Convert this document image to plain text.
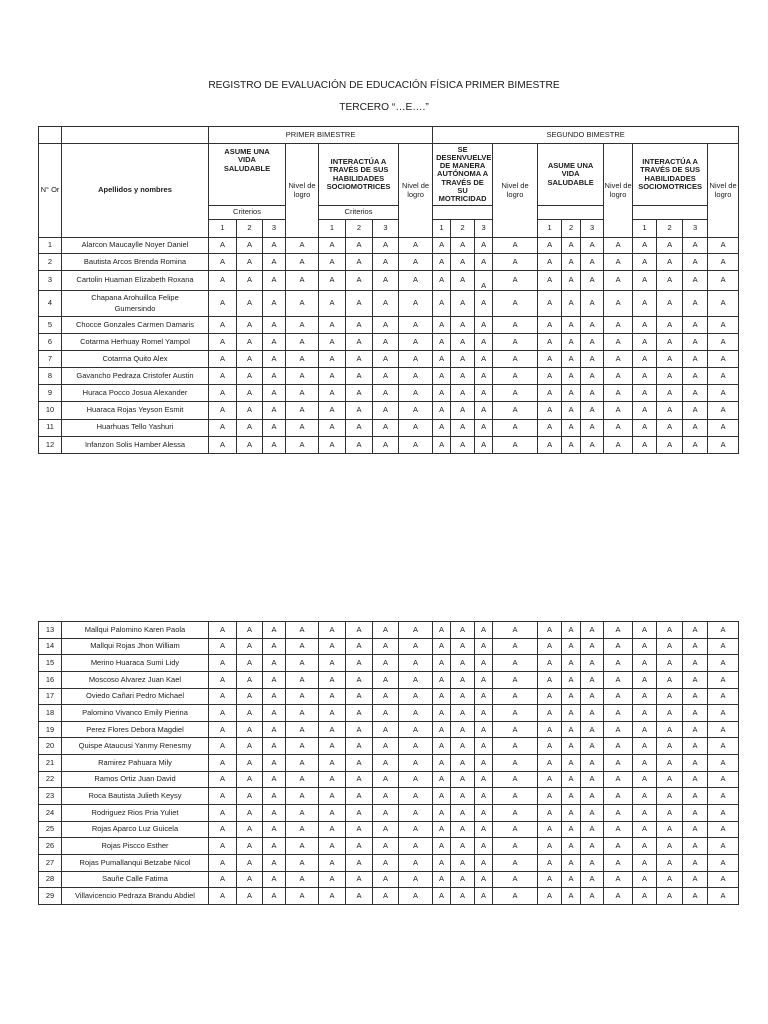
REGISTRO DE EVALUACIÓN DE EDUCACIÓN FÍSICA PRIMER BIMESTRE
TERCERO “…E….”
		PRIMER BIMESTRE								SEGUNDO BIMESTRE											
N° Or	Apellidos y nombres	ASUME UNA VIDA SALUDABLE			Nivel de logro	INTERACTÚA A TRAVÉS DE SUS HABILIDADES SOCIOMOTRICES			Nivel de logro	SE DESENVUELVE DE MANERA AUTÓNOMA A TRAVÉS DE SU MOTRICIDAD			Nivel de logro	ASUME UNA VIDA SALUDABLE			Nivel de logro	INTERACTÚA A TRAVÉS DE SUS HABILIDADES SOCIOMOTRICES			Nivel de logro
		Criterios				Criterios															
		1	2	3		1	2	3		1	2	3		1	2	3		1	2	3	
1	Alarcon Maucaylle Noyer Daniel	A	A	A	A	A	A	A	A	A	A	A	A	A	A	A	A	A	A	A	A
2	Bautista Arcos Brenda Romina	A	A	A	A	A	A	A	A	A	A	A	A	A	A	A	A	A	A	A	A
3	Cartolin Huaman Elizabeth Roxana	A	A	A	A	A	A	A	A	A	A	A	A	A	A	A	A	A	A	A	A
4	Chapana Arohuillca Felipe Gumersindo	A	A	A	A	A	A	A	A	A	A	A	A	A	A	A	A	A	A	A	A
5	Chocce Gonzales Carmen Damaris	A	A	A	A	A	A	A	A	A	A	A	A	A	A	A	A	A	A	A	A
6	Cotarma Herhuay Romel Yampol	A	A	A	A	A	A	A	A	A	A	A	A	A	A	A	A	A	A	A	A
7	Cotarma Quito Alex	A	A	A	A	A	A	A	A	A	A	A	A	A	A	A	A	A	A	A	A
8	Gavancho Pedraza Cristofer Austin	A	A	A	A	A	A	A	A	A	A	A	A	A	A	A	A	A	A	A	A
9	Huraca Pocco Josua Alexander	A	A	A	A	A	A	A	A	A	A	A	A	A	A	A	A	A	A	A	A
10	Huaraca Rojas Yeyson Esmit	A	A	A	A	A	A	A	A	A	A	A	A	A	A	A	A	A	A	A	A
11	Huarhuas Tello Yashuri	A	A	A	A	A	A	A	A	A	A	A	A	A	A	A	A	A	A	A	A
12	Infanzon Solis Hamber Alessa	A	A	A	A	A	A	A	A	A	A	A	A	A	A	A	A	A	A	A	A
13	Mallqui Palomino Karen Paola	A	A	A	A	A	A	A	A	A	A	A	A	A	A	A	A	A	A	A	A
14	Mallqui Rojas Jhon William	A	A	A	A	A	A	A	A	A	A	A	A	A	A	A	A	A	A	A	A
15	Merino Huaraca Sumi Lidy	A	A	A	A	A	A	A	A	A	A	A	A	A	A	A	A	A	A	A	A
16	Moscoso Alvarez Juan Kael	A	A	A	A	A	A	A	A	A	A	A	A	A	A	A	A	A	A	A	A
17	Oviedo Cañari Pedro Michael	A	A	A	A	A	A	A	A	A	A	A	A	A	A	A	A	A	A	A	A
18	Palomino Vivanco Emily Pierina	A	A	A	A	A	A	A	A	A	A	A	A	A	A	A	A	A	A	A	A
19	Perez Flores Debora Magdiel	A	A	A	A	A	A	A	A	A	A	A	A	A	A	A	A	A	A	A	A
20	Quispe Ataucusi Yanmy Renesmy	A	A	A	A	A	A	A	A	A	A	A	A	A	A	A	A	A	A	A	A
21	Ramirez Pahuara Mily	A	A	A	A	A	A	A	A	A	A	A	A	A	A	A	A	A	A	A	A
22	Ramos Ortiz Juan David	A	A	A	A	A	A	A	A	A	A	A	A	A	A	A	A	A	A	A	A
23	Roca Bautista Julieth Keysy	A	A	A	A	A	A	A	A	A	A	A	A	A	A	A	A	A	A	A	A
24	Rodriguez Rios Pria Yuliet	A	A	A	A	A	A	A	A	A	A	A	A	A	A	A	A	A	A	A	A
25	Rojas Aparco Luz Guicela	A	A	A	A	A	A	A	A	A	A	A	A	A	A	A	A	A	A	A	A
26	Rojas Piscco Esther	A	A	A	A	A	A	A	A	A	A	A	A	A	A	A	A	A	A	A	A
27	Rojas Pumallanqui Betzabe Nicol	A	A	A	A	A	A	A	A	A	A	A	A	A	A	A	A	A	A	A	A
28	Sauñe Calle Fatima	A	A	A	A	A	A	A	A	A	A	A	A	A	A	A	A	A	A	A	A
29	Villavicencio Pedraza Brandu Abdiel	A	A	A	A	A	A	A	A	A	A	A	A	A	A	A	A	A	A	A	A
